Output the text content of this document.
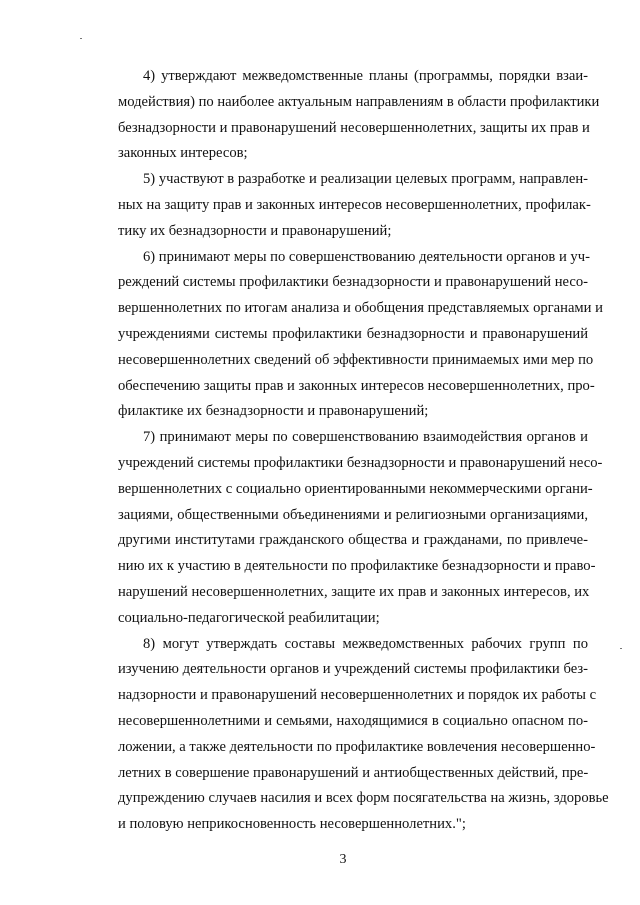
4) утверждают межведомственные планы (программы, порядки взаи-
модействия) по наиболее актуальным направлениям в области профилактики
безнадзорности и правонарушений несовершеннолетних, защиты их прав и
законных интересов;
5) участвуют в разработке и реализации целевых программ, направлен-
ных на защиту прав и законных интересов несовершеннолетних, профилак-
тику их безнадзорности и правонарушений;
6) принимают меры по совершенствованию деятельности органов и уч-
реждений системы профилактики безнадзорности и правонарушений несо-
вершеннолетних по итогам анализа и обобщения представляемых органами и
учреждениями системы профилактики безнадзорности и правонарушений
несовершеннолетних сведений об эффективности принимаемых ими мер по
обеспечению защиты прав и законных интересов несовершеннолетних, про-
филактике их безнадзорности и правонарушений;
7) принимают меры по совершенствованию взаимодействия органов и
учреждений системы профилактики безнадзорности и правонарушений несо-
вершеннолетних с социально ориентированными некоммерческими органи-
зациями, общественными объединениями и религиозными организациями,
другими институтами гражданского общества и гражданами, по привлече-
нию их к участию в деятельности по профилактике безнадзорности и право-
нарушений несовершеннолетних, защите их прав и законных интересов, их
социально-педагогической реабилитации;
8) могут утверждать составы межведомственных рабочих групп по
изучению деятельности органов и учреждений системы профилактики без-
надзорности и правонарушений несовершеннолетних и порядок их работы с
несовершеннолетними и семьями, находящимися в социально опасном по-
ложении, а также деятельности по профилактике вовлечения несовершенно-
летних в совершение правонарушений и антиобщественных действий, пре-
дупреждению случаев насилия и всех форм посягательства на жизнь, здоровье
и половую неприкосновенность несовершеннолетних.";
3
